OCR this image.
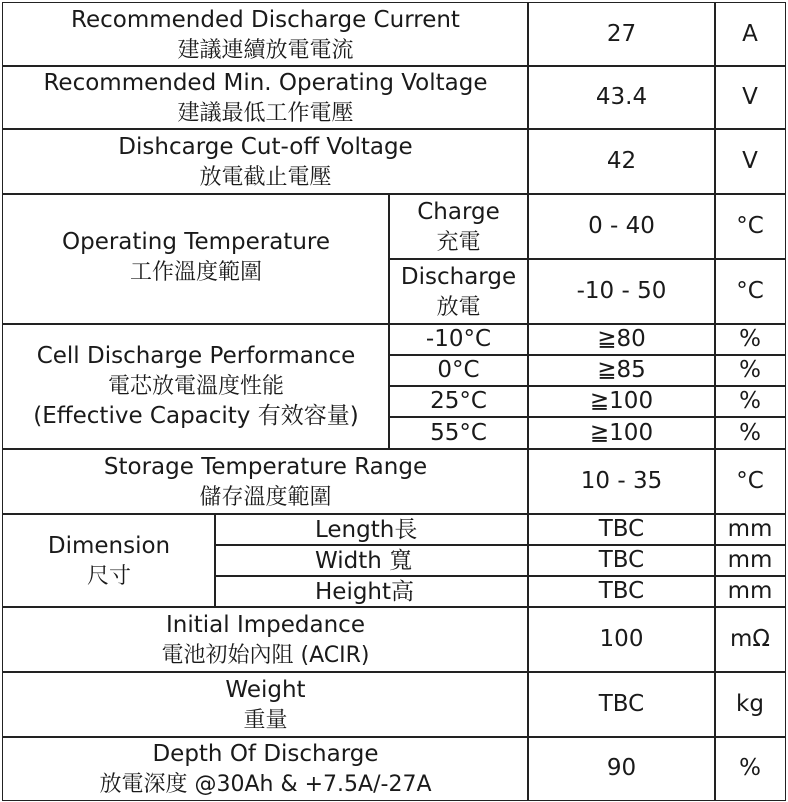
Recommended Discharge Current
建議連續放電電流
27	A
Recommended Min. Operating Voltage
建議最低工作電壓
43.4	V
Dishcarge Cut-off Voltage
放電截止電壓
42	V
Operating Temperature
工作溫度範圍
Charge
充電
0 - 40	°C
Discharge
放電
-10 - 50	°C
Cell Discharge Performance
電芯放電溫度性能
(Effective Capacity 有效容量)
-10°C	≧80	%
0°C	≧85	%
25°C	≧100	%
55°C	≧100	%
Storage Temperature Range
儲存溫度範圍
10 - 35	°C
Dimension
尺寸
Length長	TBC	mm
Width 寬	TBC	mm
Height高	TBC	mm
Initial Impedance
電池初始內阻 (ACIR)
100	mΩ
Weight
重量
TBC	kg
Depth Of Discharge
放電深度 @30Ah & +7.5A/-27A
90	%
